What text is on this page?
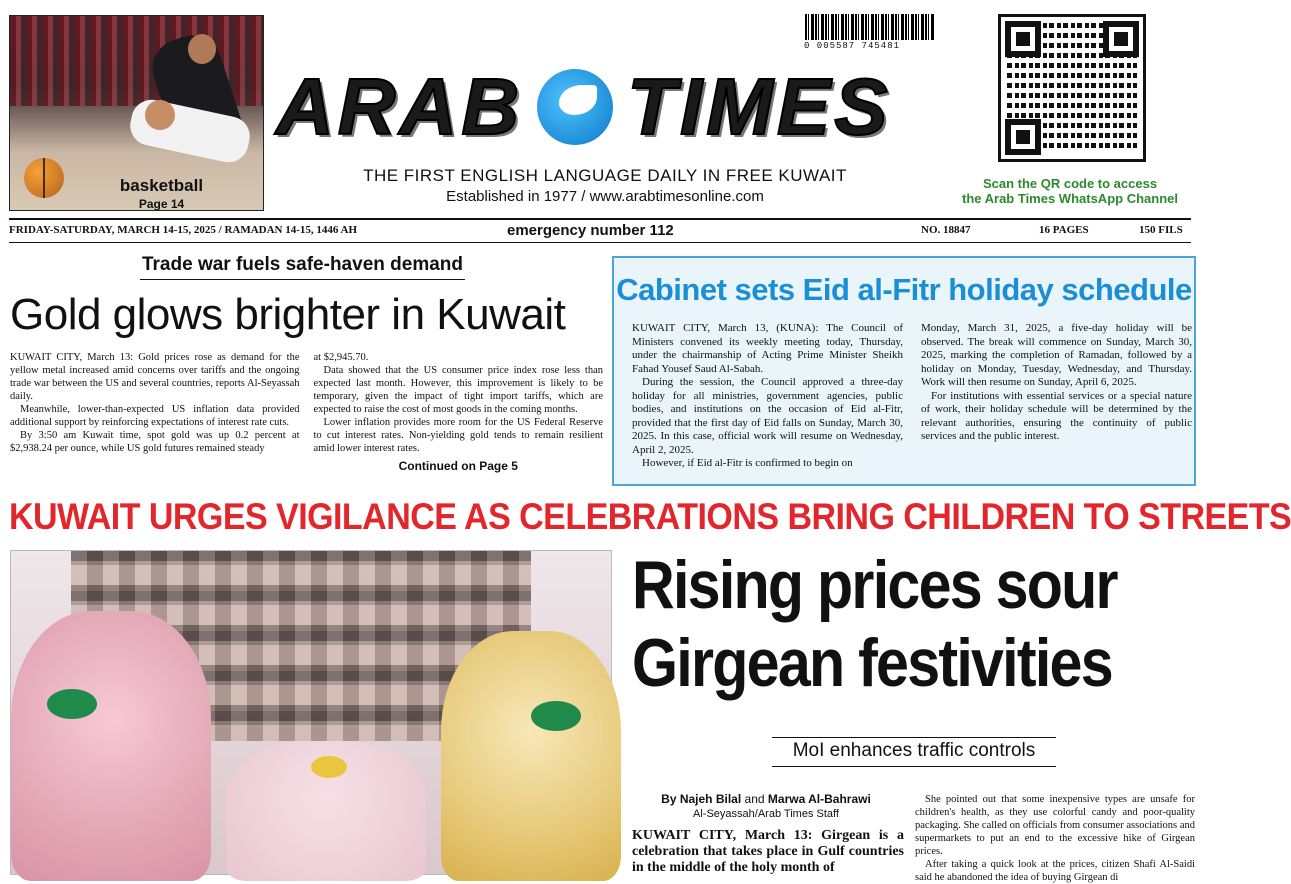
basketball
Page 14
0 005587 745481
ARAB TIMES
THE FIRST ENGLISH LANGUAGE DAILY IN FREE KUWAIT
Established in 1977 / www.arabtimesonline.com
Scan the QR code to access
the Arab Times WhatsApp Channel
FRIDAY-SATURDAY, MARCH 14-15, 2025 / RAMADAN 14-15, 1446 AH	emergency number 112	NO. 18847	16 PAGES	150 FILS
Trade war fuels safe-haven demand
Gold glows brighter in Kuwait

KUWAIT CITY, March 13: Gold prices rose as demand for the yellow metal increased amid concerns over tariffs and the ongoing trade war between the US and several countries, reports Al-Seyassah daily.

Meanwhile, lower-than-expected US inflation data provided additional support by reinforcing expectations of interest rate cuts.

By 3:50 am Kuwait time, spot gold was up 0.2 percent at $2,938.24 per ounce, while US gold futures remained steady

at $2,945.70.

Data showed that the US consumer price index rose less than expected last month. However, this improvement is likely to be temporary, given the impact of tight import tariffs, which are expected to raise the cost of most goods in the coming months.

Lower inflation provides more room for the US Federal Reserve to cut interest rates. Non-yielding gold tends to remain resilient amid lower interest rates.

Continued on Page 5
Cabinet sets Eid al-Fitr holiday schedule

KUWAIT CITY, March 13, (KUNA): The Council of Ministers convened its weekly meeting today, Thursday, under the chairmanship of Acting Prime Minister Sheikh Fahad Yousef Saud Al-Sabah.

During the session, the Council approved a three-day holiday for all ministries, government agencies, public bodies, and institutions on the occasion of Eid al-Fitr, provided that the first day of Eid falls on Sunday, March 30, 2025. In this case, official work will resume on Wednesday, April 2, 2025.

However, if Eid al-Fitr is confirmed to begin on

Monday, March 31, 2025, a five-day holiday will be observed. The break will commence on Sunday, March 30, 2025, marking the completion of Ramadan, followed by a holiday on Monday, Tuesday, Wednesday, and Thursday. Work will then resume on Sunday, April 6, 2025.

For institutions with essential services or a special nature of work, their holiday schedule will be determined by the relevant authorities, ensuring the continuity of public services and the public interest.

KUWAIT URGES VIGILANCE AS CELEBRATIONS BRING CHILDREN TO STREETS
Rising prices sour
Girgean festivities
MoI enhances traffic controls
By Najeh Bilal and Marwa Al-Bahrawi
Al-Seyassah/Arab Times Staff
KUWAIT CITY, March 13: Girgean is a celebration that takes place in Gulf countries in the middle of the holy month of

She pointed out that some inexpensive types are unsafe for children's health, as they use colorful candy and poor-quality packaging. She called on officials from consumer associations and supermarkets to put an end to the excessive hike of Girgean prices.

After taking a quick look at the prices, citizen Shafi Al-Saidi said he abandoned the idea of buying Girgean di
